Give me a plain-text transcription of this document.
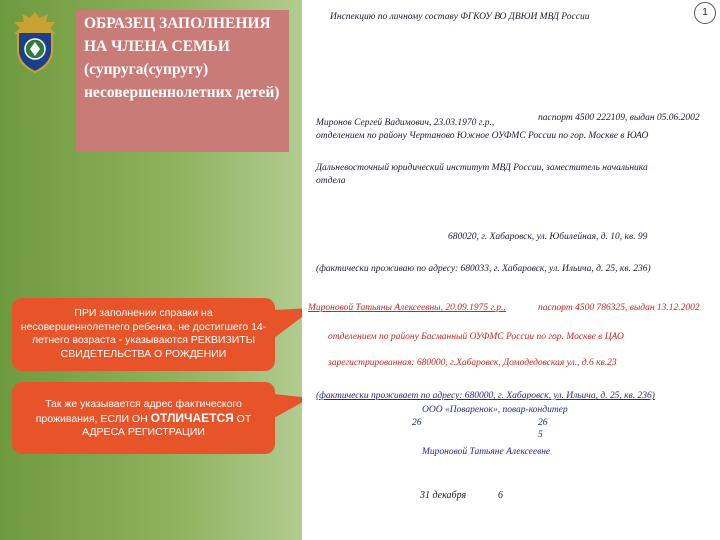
ОБРАЗЕЦ ЗАПОЛНЕНИЯ НА ЧЛЕНА СЕМЬИ (супруга(супругу) несовершеннолетних детей)
ПРИ заполнении справки на несовершеннолетнего ребенка, не достигшего 14-летнего возраста - указываются РЕКВИЗИТЫ СВИДЕТЕЛЬСТВА О РОЖДЕНИИ
Так же указывается адрес фактического проживания, ЕСЛИ ОН ОТЛИЧАЕТСЯ ОТ АДРЕСА РЕГИСТРАЦИИ
Инспекцию по личному составу ФГКОУ ВО ДВЮИ МВД России	1
Миронов Сергей Вадимович, 23.03.1970 г.р.,	паспорт 4500 222109, выдан 05.06.2002
отделением по району Чертаново Южное ОУФМС России по гор. Москве в ЮАО
Дальневосточный юридический институт МВД России, заместитель начальника
отдела
680020, г. Хабаровск, ул. Юбилейная, д. 10, кв. 99
(фактически проживаю по адресу: 680033, г. Хабаровск, ул. Ильича, д. 25, кв. 236)
Мироновой Татьяны Алексеевны, 20.09.1975 г.р.,	паспорт 4500 786325, выдан 13.12.2002
отделением по району Басманный ОУФМС России по гор. Москве в ЦАО
зарегистрированная: 680000, г.Хабаровск, Домодедовская ул., д.6 кв.23
(фактически проживает по адресу: 680000, г. Хабаровск, ул. Ильича, д. 25, кв. 236)
ООО «Поваренок», повар-кондитер
26	26
5
Мироновой Татьяне Алексеевне
31 декабря	6
